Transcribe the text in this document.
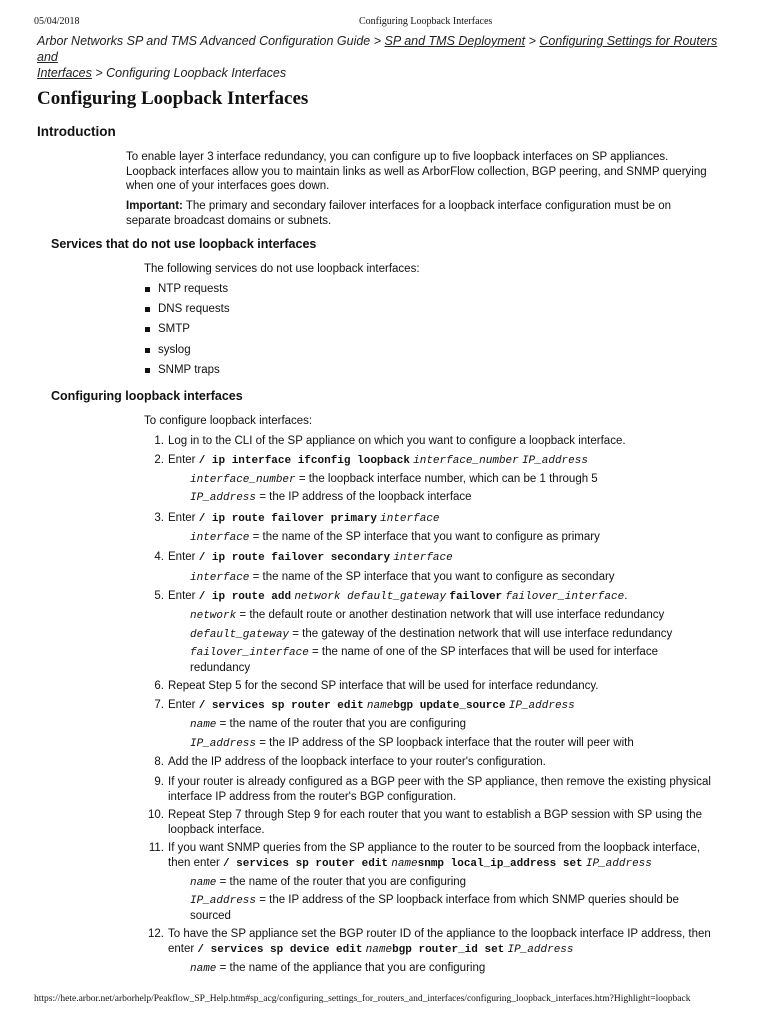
05/04/2018	Configuring Loopback Interfaces
Arbor Networks SP and TMS Advanced Configuration Guide > SP and TMS Deployment > Configuring Settings for Routers and
Interfaces > Configuring Loopback Interfaces
Configuring Loopback Interfaces
Introduction
To enable layer 3 interface redundancy, you can configure up to five loopback interfaces on SP appliances.
Loopback interfaces allow you to maintain links as well as ArborFlow collection, BGP peering, and SNMP querying
when one of your interfaces goes down.
Important: The primary and secondary failover interfaces for a loopback interface configuration must be on
separate broadcast domains or subnets.
Services that do not use loopback interfaces
The following services do not use loopback interfaces:
NTP requests
DNS requests
SMTP
syslog
SNMP traps
Configuring loopback interfaces
To configure loopback interfaces:
1. Log in to the CLI of the SP appliance on which you want to configure a loopback interface.
2. Enter / ip interface ifconfig loopback interface_number IP_address
interface_number = the loopback interface number, which can be 1 through 5
IP_address = the IP address of the loopback interface
3. Enter / ip route failover primary interface
interface = the name of the SP interface that you want to configure as primary
4. Enter / ip route failover secondary interface
interface = the name of the SP interface that you want to configure as secondary
5. Enter / ip route add network default_gateway failover failover_interface.
network = the default route or another destination network that will use interface redundancy
default_gateway = the gateway of the destination network that will use interface redundancy
failover_interface = the name of one of the SP interfaces that will be used for interface
redundancy
6. Repeat Step 5 for the second SP interface that will be used for interface redundancy.
7. Enter / services sp router edit namebgp update_source IP_address
name = the name of the router that you are configuring
IP_address = the IP address of the SP loopback interface that the router will peer with
8. Add the IP address of the loopback interface to your router's configuration.
9. If your router is already configured as a BGP peer with the SP appliance, then remove the existing physical
interface IP address from the router's BGP configuration.
10. Repeat Step 7 through Step 9 for each router that you want to establish a BGP session with SP using the
loopback interface.
11. If you want SNMP queries from the SP appliance to the router to be sourced from the loopback interface,
then enter / services sp router edit namesnmp local_ip_address set IP_address
name = the name of the router that you are configuring
IP_address = the IP address of the SP loopback interface from which SNMP queries should be
sourced
12. To have the SP appliance set the BGP router ID of the appliance to the loopback interface IP address, then
enter / services sp device edit namebgp router_id set IP_address
name = the name of the appliance that you are configuring
https://hete.arbor.net/arborhelp/Peakflow_SP_Help.htm#sp_acg/configuring_settings_for_routers_and_interfaces/configuring_loopback_interfaces.htm?Highlight=loopback
